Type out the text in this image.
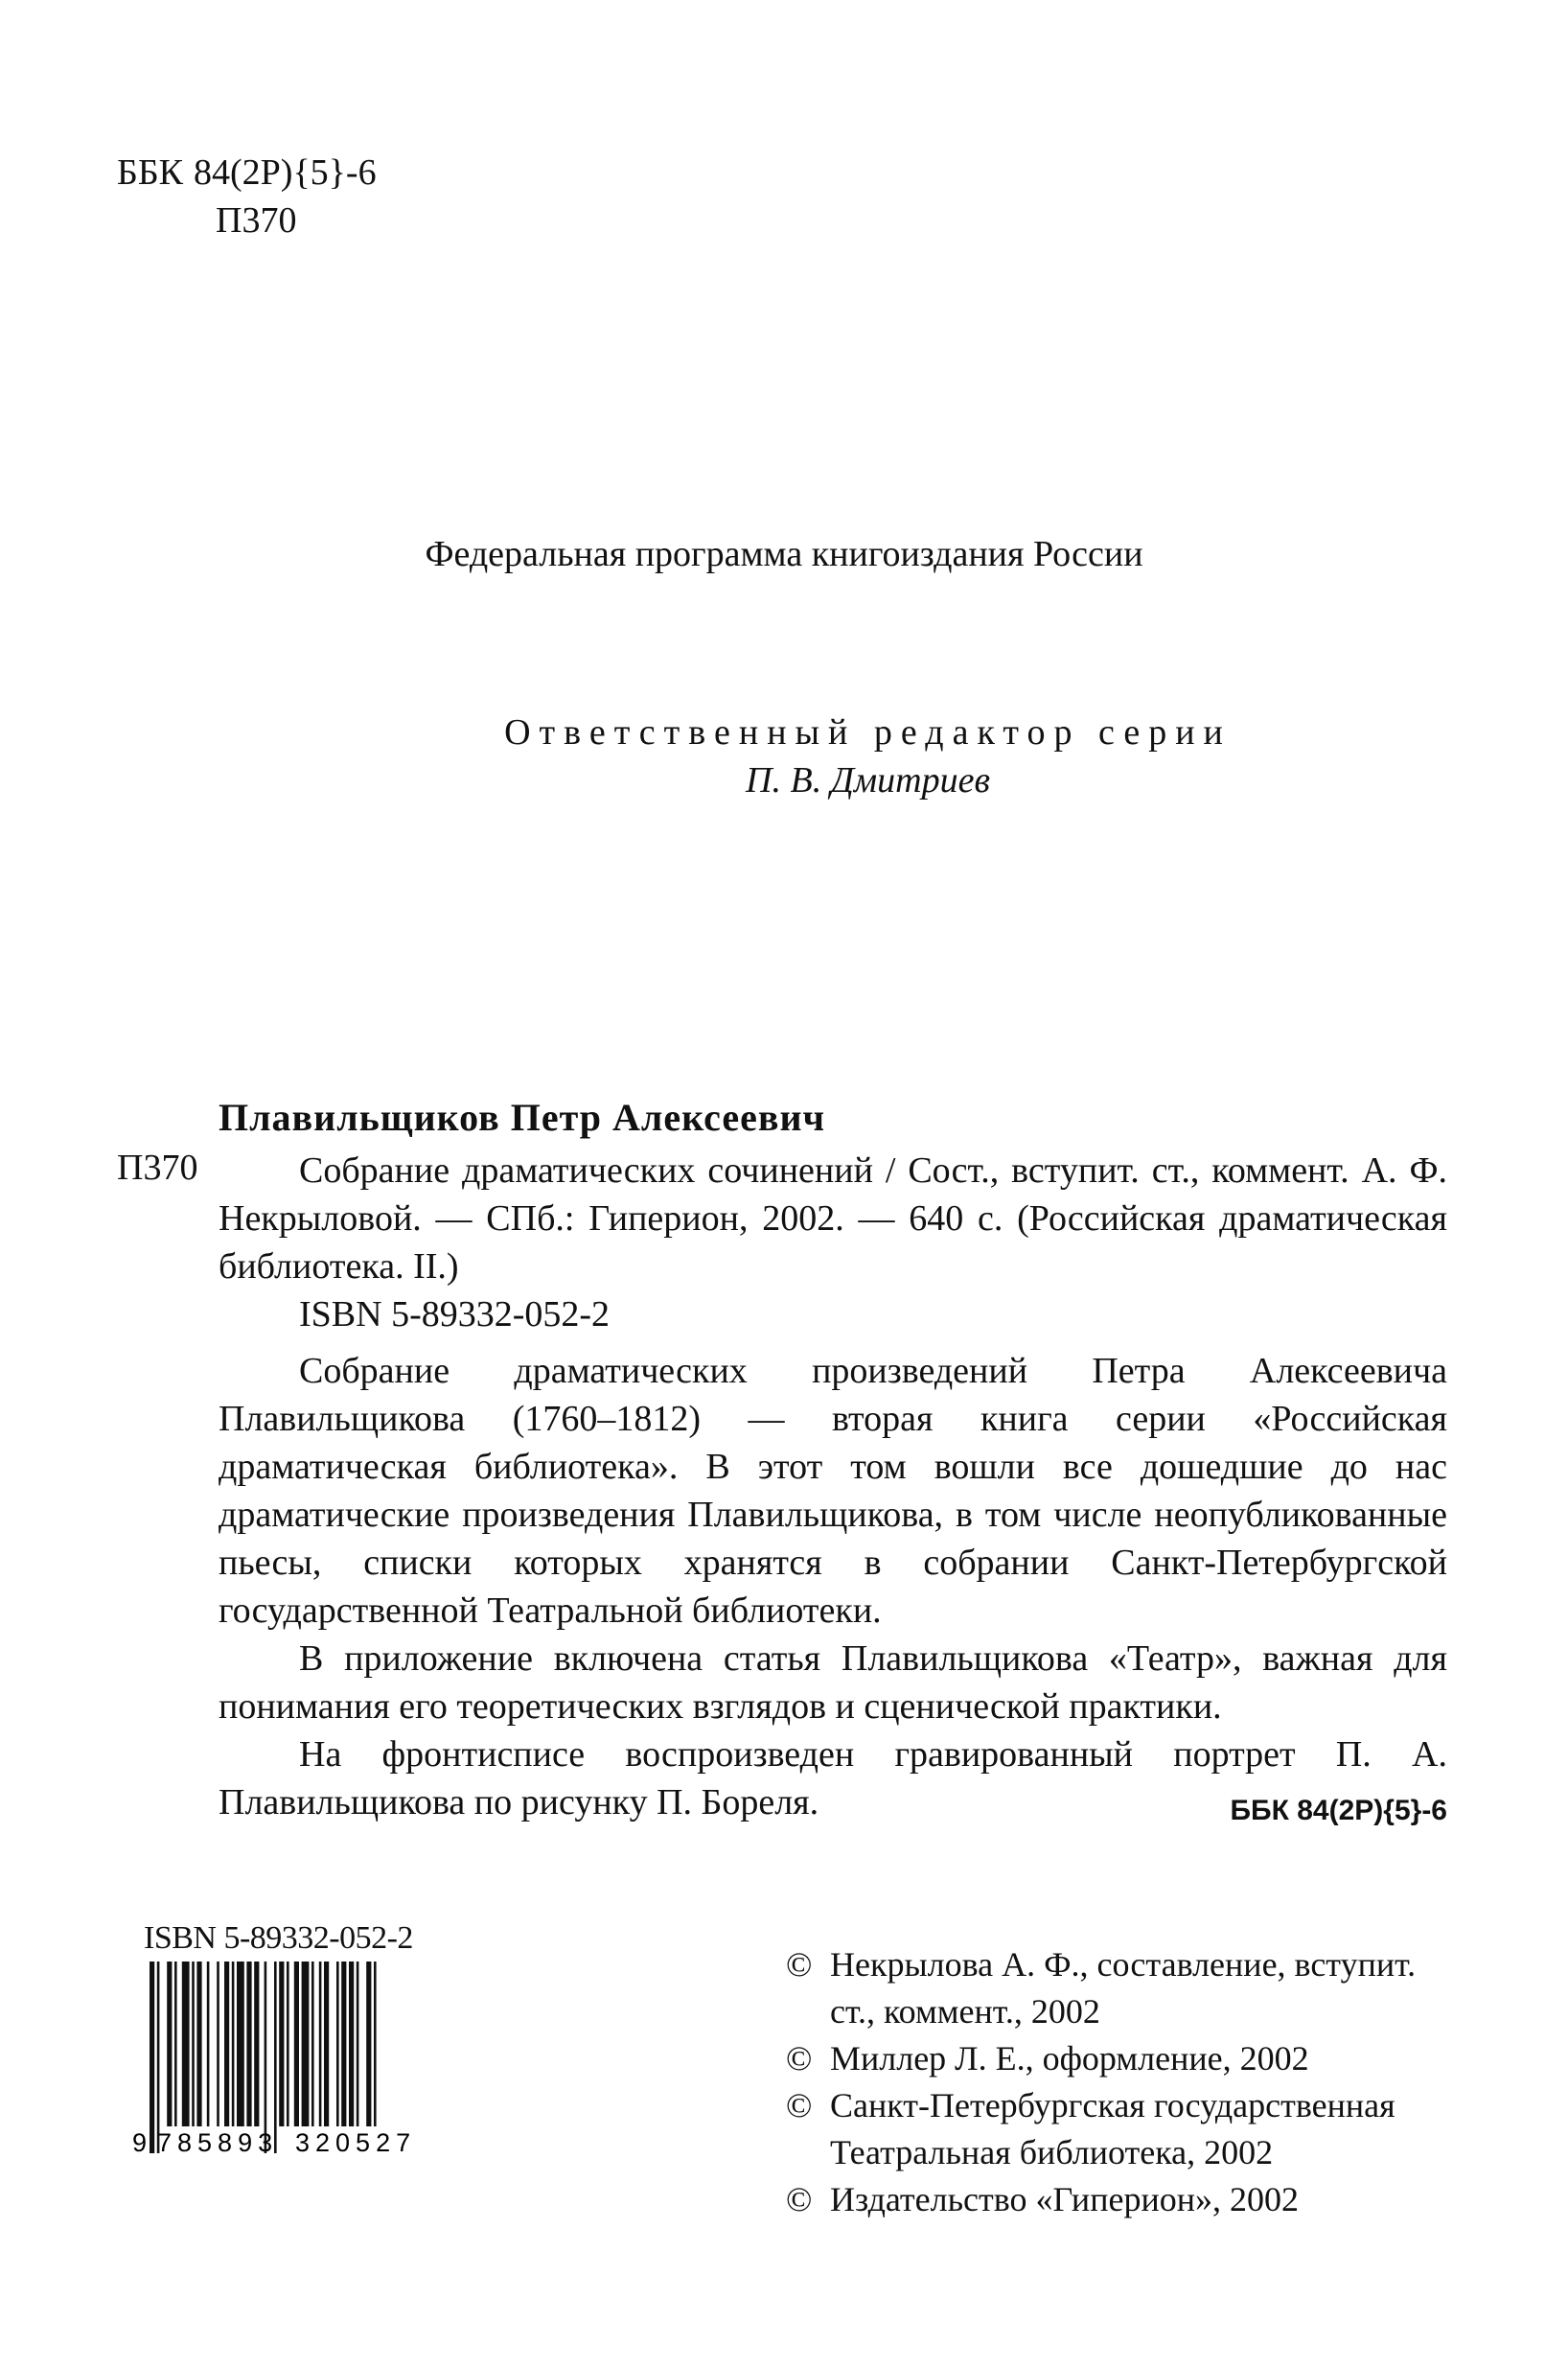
ББК 84(2Р){5}-6
П370
Федеральная программа книгоиздания России
Ответственный редактор серии
П. В. Дмитриев
Плавильщиков Петр Алексеевич
П370	Собрание драматических сочинений / Сост., вступит. ст., коммент. А. Ф. Некрыловой. — СПб.: Гиперион, 2002. — 640 с. (Российская драматическая библиотека. II.)
ISBN 5-89332-052-2

Собрание драматических произведений Петра Алексеевича Плавильщикова (1760–1812) — вторая книга серии «Российская драматическая библиотека». В этот том вошли все дошедшие до нас драматические произведения Плавильщикова, в том числе неопубликованные пьесы, списки которых хранятся в собрании Санкт-Петербургской государственной Театральной библиотеки.

В приложение включена статья Плавильщикова «Театр», важная для понимания его теоретических взглядов и сценической практики.

На фронтисписе воспроизведен гравированный портрет П. А. Плавильщикова по рисунку П. Бореля.	ББК 84(2Р){5}-6
ISBN 5-89332-052-2
9 785893 320527
© Некрылова А. Ф., составление, вступит. ст., коммент., 2002
© Миллер Л. Е., оформление, 2002
© Санкт-Петербургская государственная Театральная библиотека, 2002
© Издательство «Гиперион», 2002
